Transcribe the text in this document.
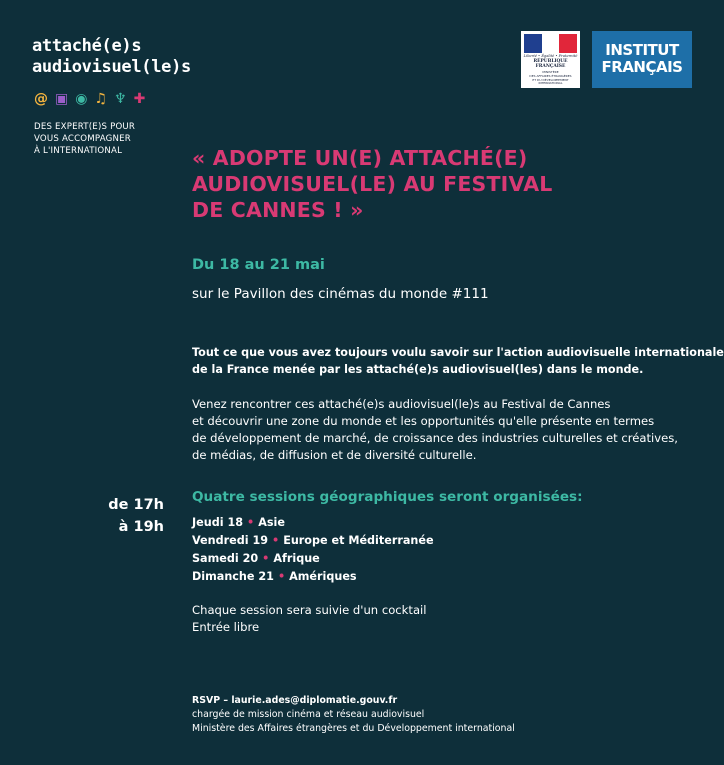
attaché(e)s
audiovisuel(le)s
@ ▣ ◉ ♫ ♆ ✚
DES EXPERT(E)S POUR
VOUS ACCOMPAGNER
À L'INTERNATIONAL
Liberté • Égalité • Fraternité
RÉPUBLIQUE FRANÇAISE
MINISTÈRE
DES AFFAIRES ÉTRANGÈRES
ET DU DÉVELOPPEMENT
INTERNATIONAL
INSTITUT
FRANÇAIS
« ADOPTE UN(E) ATTACHÉ(E)
AUDIOVISUEL(LE) AU FESTIVAL
DE CANNES ! »
Du 18 au 21 mai
sur le Pavillon des cinémas du monde #111
Tout ce que vous avez toujours voulu savoir sur l'action audiovisuelle internationale
de la France menée par les attaché(e)s audiovisuel(les) dans le monde.
Venez rencontrer ces attaché(e)s audiovisuel(le)s au Festival de Cannes
et découvrir une zone du monde et les opportunités qu'elle présente en termes
de développement de marché, de croissance des industries culturelles et créatives,
de médias, de diffusion et de diversité culturelle.
de 17h
à 19h
Quatre sessions géographiques seront organisées:
Jeudi 18 • Asie
Vendredi 19 • Europe et Méditerranée
Samedi 20 • Afrique
Dimanche 21 • Amériques
Chaque session sera suivie d'un cocktail
Entrée libre
RSVP – laurie.ades@diplomatie.gouv.fr
chargée de mission cinéma et réseau audiovisuel
Ministère des Affaires étrangères et du Développement international
